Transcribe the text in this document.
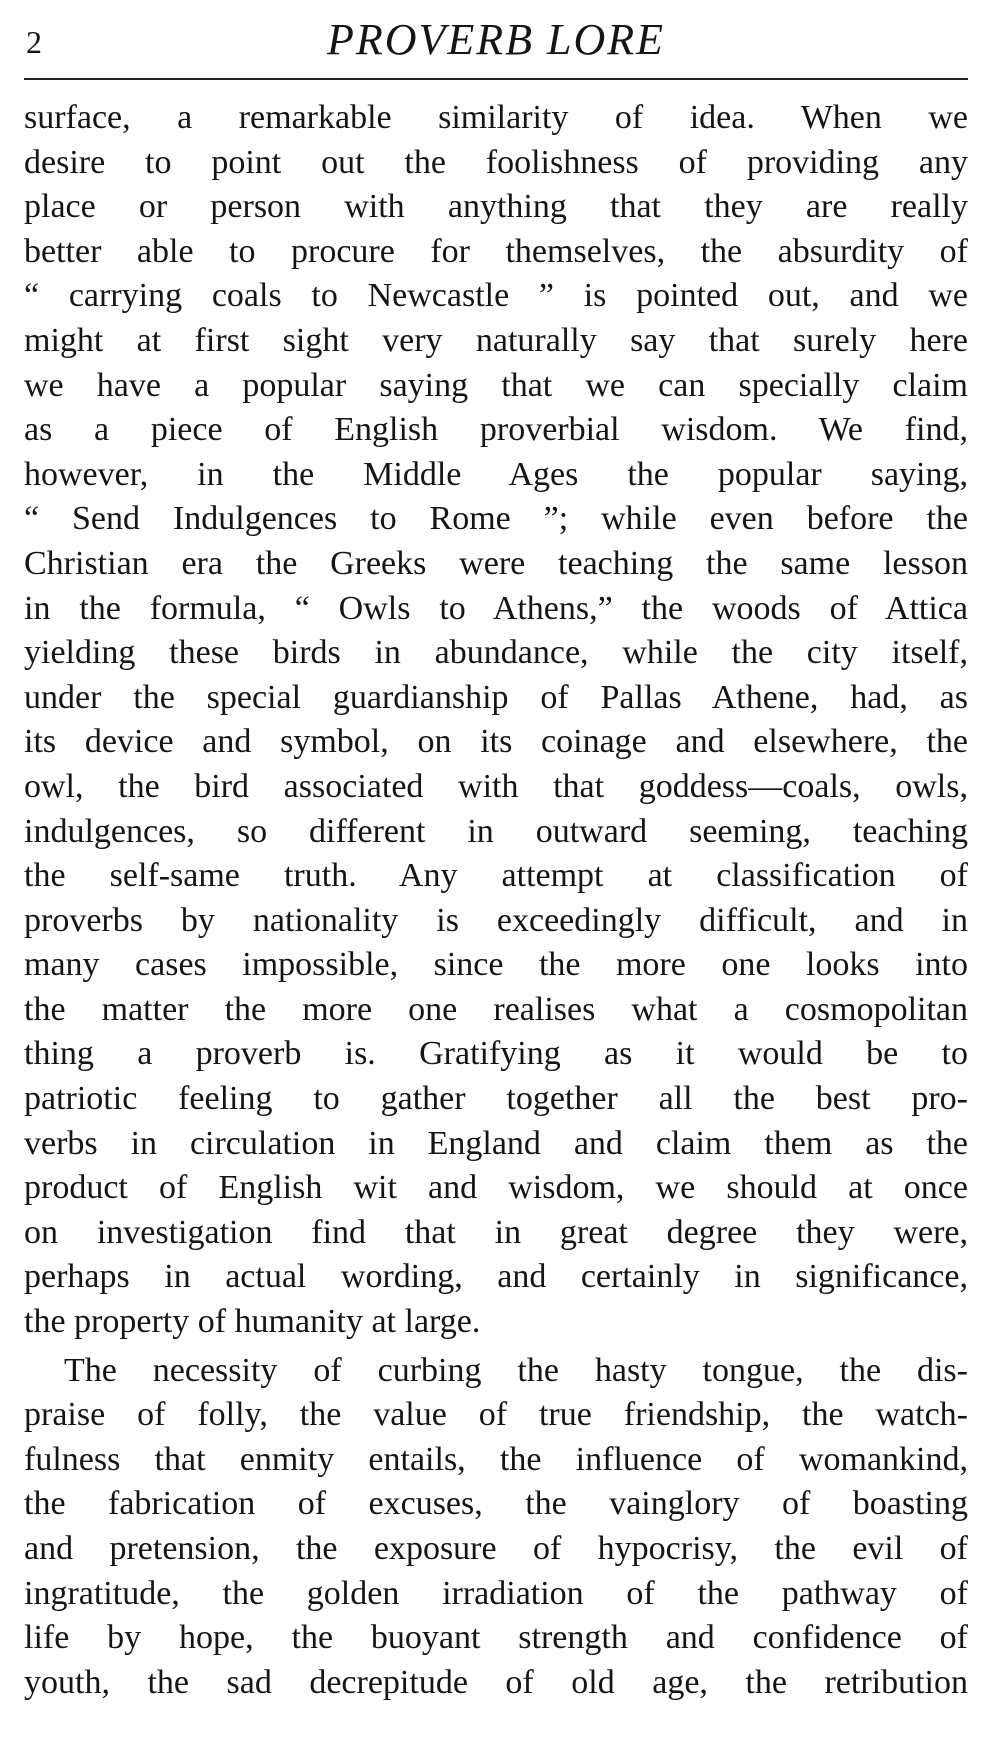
2	PROVERB LORE
surface, a remarkable similarity of idea. When we
desire to point out the foolishness of providing any
place or person with anything that they are really
better able to procure for themselves, the absurdity of
“ carrying coals to Newcastle ” is pointed out, and we
might at first sight very naturally say that surely here
we have a popular saying that we can specially claim
as a piece of English proverbial wisdom. We find,
however, in the Middle Ages the popular saying,
“ Send Indulgences to Rome ”; while even before the
Christian era the Greeks were teaching the same lesson
in the formula, “ Owls to Athens,” the woods of Attica
yielding these birds in abundance, while the city itself,
under the special guardianship of Pallas Athene, had, as
its device and symbol, on its coinage and elsewhere, the
owl, the bird associated with that goddess—coals, owls,
indulgences, so different in outward seeming, teaching
the self-same truth. Any attempt at classification of
proverbs by nationality is exceedingly difficult, and in
many cases impossible, since the more one looks into
the matter the more one realises what a cosmopolitan
thing a proverb is. Gratifying as it would be to
patriotic feeling to gather together all the best pro-
verbs in circulation in England and claim them as the
product of English wit and wisdom, we should at once
on investigation find that in great degree they were,
perhaps in actual wording, and certainly in significance,
the property of humanity at large.
The necessity of curbing the hasty tongue, the dis-
praise of folly, the value of true friendship, the watch-
fulness that enmity entails, the influence of womankind,
the fabrication of excuses, the vainglory of boasting
and pretension, the exposure of hypocrisy, the evil of
ingratitude, the golden irradiation of the pathway of
life by hope, the buoyant strength and confidence of
youth, the sad decrepitude of old age, the retribution
